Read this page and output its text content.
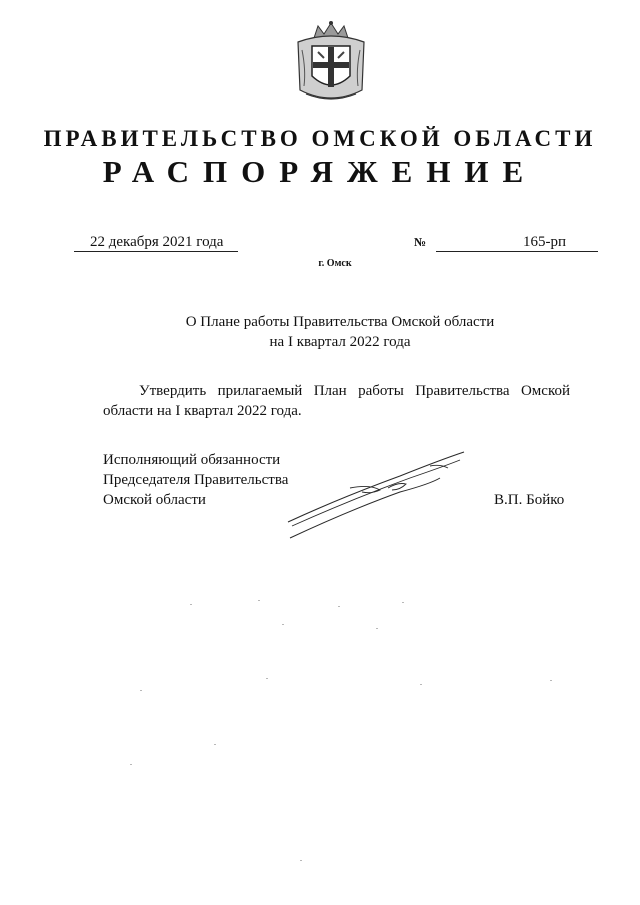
ПРАВИТЕЛЬСТВО ОМСКОЙ ОБЛАСТИ
РАСПОРЯЖЕНИЕ
22 декабря 2021 года	№	165-рп
г. Омск
О Плане работы Правительства Омской области
на I квартал 2022 года
Утвердить прилагаемый План работы Правительства Омской области на I квартал 2022 года.
Исполняющий обязанности
Председателя Правительства
Омской области	В.П. Бойко
